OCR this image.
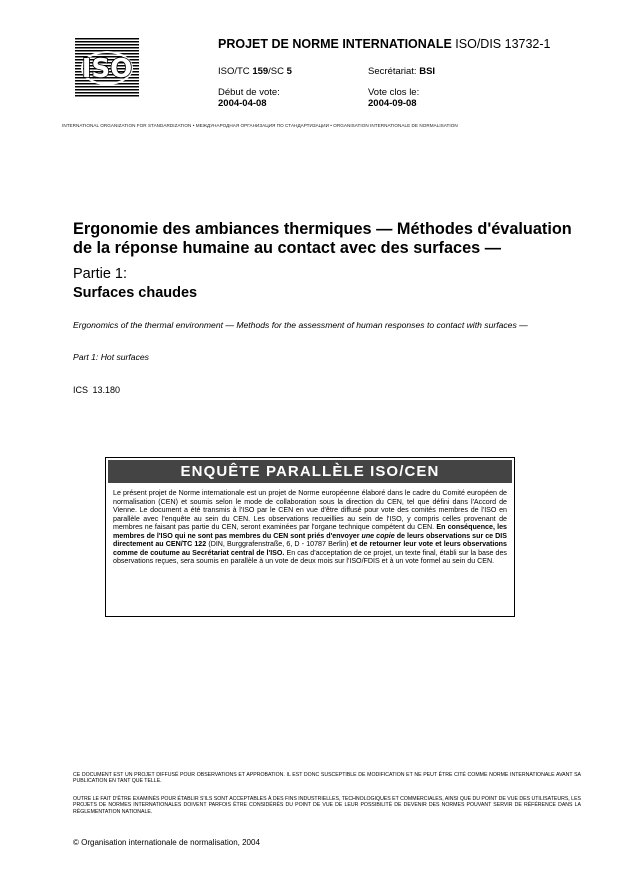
ISO
PROJET DE NORME INTERNATIONALE ISO/DIS 13732-1
ISO/TC 159/SC 5	Secrétariat: BSI
Début de vote:
2004-04-08
Vote clos le:
2004-09-08
INTERNATIONAL ORGANIZATION FOR STANDARDIZATION • МЕЖДУНАРОДНАЯ ОРГАНИЗАЦИЯ ПО СТАНДАРТИЗАЦИИ • ORGANISATION INTERNATIONALE DE NORMALISATION
Ergonomie des ambiances thermiques — Méthodes d'évaluation de la réponse humaine au contact avec des surfaces —
Partie 1:
Surfaces chaudes
Ergonomics of the thermal environment — Methods for the assessment of human responses to contact with surfaces —
Part 1: Hot surfaces
ICS 13.180
ENQUÊTE PARALLÈLE ISO/CEN
Le présent projet de Norme internationale est un projet de Norme européenne élaboré dans le cadre du Comité européen de normalisation (CEN) et soumis selon le mode de collaboration sous la direction du CEN, tel que défini dans l'Accord de Vienne. Le document a été transmis à l'ISO par le CEN en vue d'être diffusé pour vote des comités membres de l'ISO en parallèle avec l'enquête au sein du CEN. Les observations recueillies au sein de l'ISO, y compris celles provenant de membres ne faisant pas partie du CEN, seront examinées par l'organe technique compétent du CEN. En conséquence, les membres de l'ISO qui ne sont pas membres du CEN sont priés d'envoyer une copie de leurs observations sur ce DIS directement au CEN/TC 122 (DIN, Burggrafenstraße, 6, D - 10787 Berlin) et de retourner leur vote et leurs observations comme de coutume au Secrétariat central de l'ISO. En cas d'acceptation de ce projet, un texte final, établi sur la base des observations reçues, sera soumis en parallèle à un vote de deux mois sur l'ISO/FDIS et à un vote formel au sein du CEN.
CE DOCUMENT EST UN PROJET DIFFUSÉ POUR OBSERVATIONS ET APPROBATION. IL EST DONC SUSCEPTIBLE DE MODIFICATION ET NE PEUT ÊTRE CITÉ COMME NORME INTERNATIONALE AVANT SA PUBLICATION EN TANT QUE TELLE.
OUTRE LE FAIT D'ÊTRE EXAMINÉS POUR ÉTABLIR S'ILS SONT ACCEPTABLES À DES FINS INDUSTRIELLES, TECHNOLOGIQUES ET COMMERCIALES, AINSI QUE DU POINT DE VUE DES UTILISATEURS, LES PROJETS DE NORMES INTERNATIONALES DOIVENT PARFOIS ÊTRE CONSIDÉRÉS DU POINT DE VUE DE LEUR POSSIBILITÉ DE DEVENIR DES NORMES POUVANT SERVIR DE RÉFÉRENCE DANS LA RÉGLEMENTATION NATIONALE.
© Organisation internationale de normalisation, 2004
